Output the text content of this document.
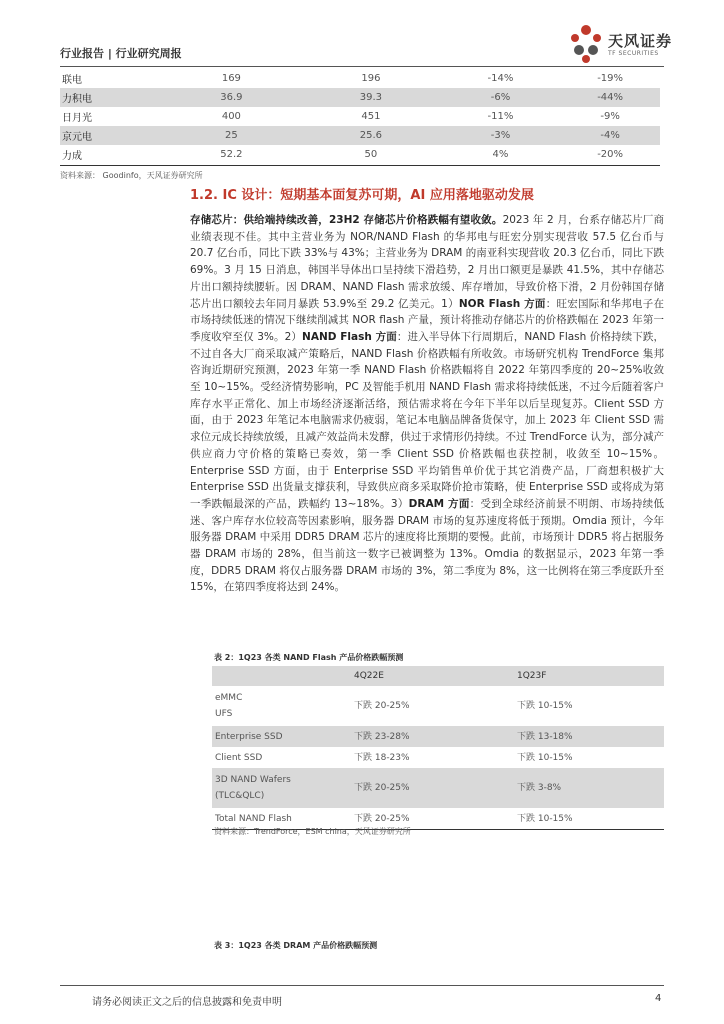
行业报告 | 行业研究周报
天风证券
TF SECURITIES
联电	169	196	-14%	-19%
力积电	36.9	39.3	-6%	-44%
日月光	400	451	-11%	-9%
京元电	25	25.6	-3%	-4%
力成	52.2	50	4%	-20%
资料来源： Goodinfo，天风证券研究所
1.2. IC 设计：短期基本面复苏可期，AI 应用落地驱动发展
存储芯片：供给端持续改善，23H2 存储芯片价格跌幅有望收敛。2023 年 2 月，台系存储芯片厂商业绩表现不佳。其中主营业务为 NOR/NAND Flash 的华邦电与旺宏分别实现营收 57.5 亿台币与 20.7 亿台币，同比下跌 33%与 43%；主营业务为 DRAM 的南亚科实现营收 20.3 亿台币，同比下跌 69%。3 月 15 日消息，韩国半导体出口呈持续下滑趋势，2 月出口额更是暴跌 41.5%，其中存储芯片出口额持续腰斩。因 DRAM、NAND Flash 需求放缓、库存增加，导致价格下滑，2 月份韩国存储芯片出口额较去年同月暴跌 53.9%至 29.2 亿美元。1）NOR Flash 方面：旺宏国际和华邦电子在市场持续低迷的情况下继续削减其 NOR flash 产量，预计将推动存储芯片的价格跌幅在 2023 年第一季度收窄至仅 3%。2）NAND Flash 方面：进入半导体下行周期后，NAND Flash 价格持续下跌，不过自各大厂商采取减产策略后，NAND Flash 价格跌幅有所收敛。市场研究机构 TrendForce 集邦咨询近期研究预测，2023 年第一季 NAND Flash 价格跌幅将自 2022 年第四季度的 20~25%收敛至 10~15%。受经济情势影响，PC 及智能手机用 NAND Flash 需求将持续低迷，不过今后随着客户库存水平正常化、加上市场经济逐渐活络，预估需求将在今年下半年以后呈现复苏。Client SSD 方面，由于 2023 年笔记本电脑需求仍疲弱，笔记本电脑品牌备货保守，加上 2023 年 Client SSD 需求位元成长持续放缓，且减产效益尚未发酵，供过于求情形仍持续。不过 TrendForce 认为，部分减产供应商力守价格的策略已奏效，第一季 Client SSD 价格跌幅也获控制，收敛至 10~15%。Enterprise SSD 方面，由于 Enterprise SSD 平均销售单价优于其它消费产品，厂商想积极扩大 Enterprise SSD 出货量支撑获利，导致供应商多采取降价抢市策略，使 Enterprise SSD 或将成为第一季跌幅最深的产品，跌幅约 13~18%。3）DRAM 方面：受到全球经济前景不明朗、市场持续低迷、客户库存水位较高等因素影响，服务器 DRAM 市场的复苏速度将低于预期。Omdia 预计，今年服务器 DRAM 中采用 DDR5 DRAM 芯片的速度将比预期的要慢。此前，市场预计 DDR5 将占据服务器 DRAM 市场的 28%，但当前这一数字已被调整为 13%。Omdia 的数据显示，2023 年第一季度，DDR5 DRAM 将仅占服务器 DRAM 市场的 3%，第二季度为 8%，这一比例将在第三季度跃升至 15%，在第四季度将达到 24%。
表 2：1Q23 各类 NAND Flash 产品价格跌幅预测
	4Q22E	1Q23F
eMMC
UFS	下跌 20-25%	下跌 10-15%
Enterprise SSD	下跌 23-28%	下跌 13-18%
Client SSD	下跌 18-23%	下跌 10-15%
3D NAND Wafers
(TLC&QLC)	下跌 20-25%	下跌 3-8%
Total NAND Flash	下跌 20-25%	下跌 10-15%
资料来源：TrendForce，ESM china，天风证券研究所
表 3：1Q23 各类 DRAM 产品价格跌幅预测
请务必阅读正文之后的信息披露和免责申明	4
